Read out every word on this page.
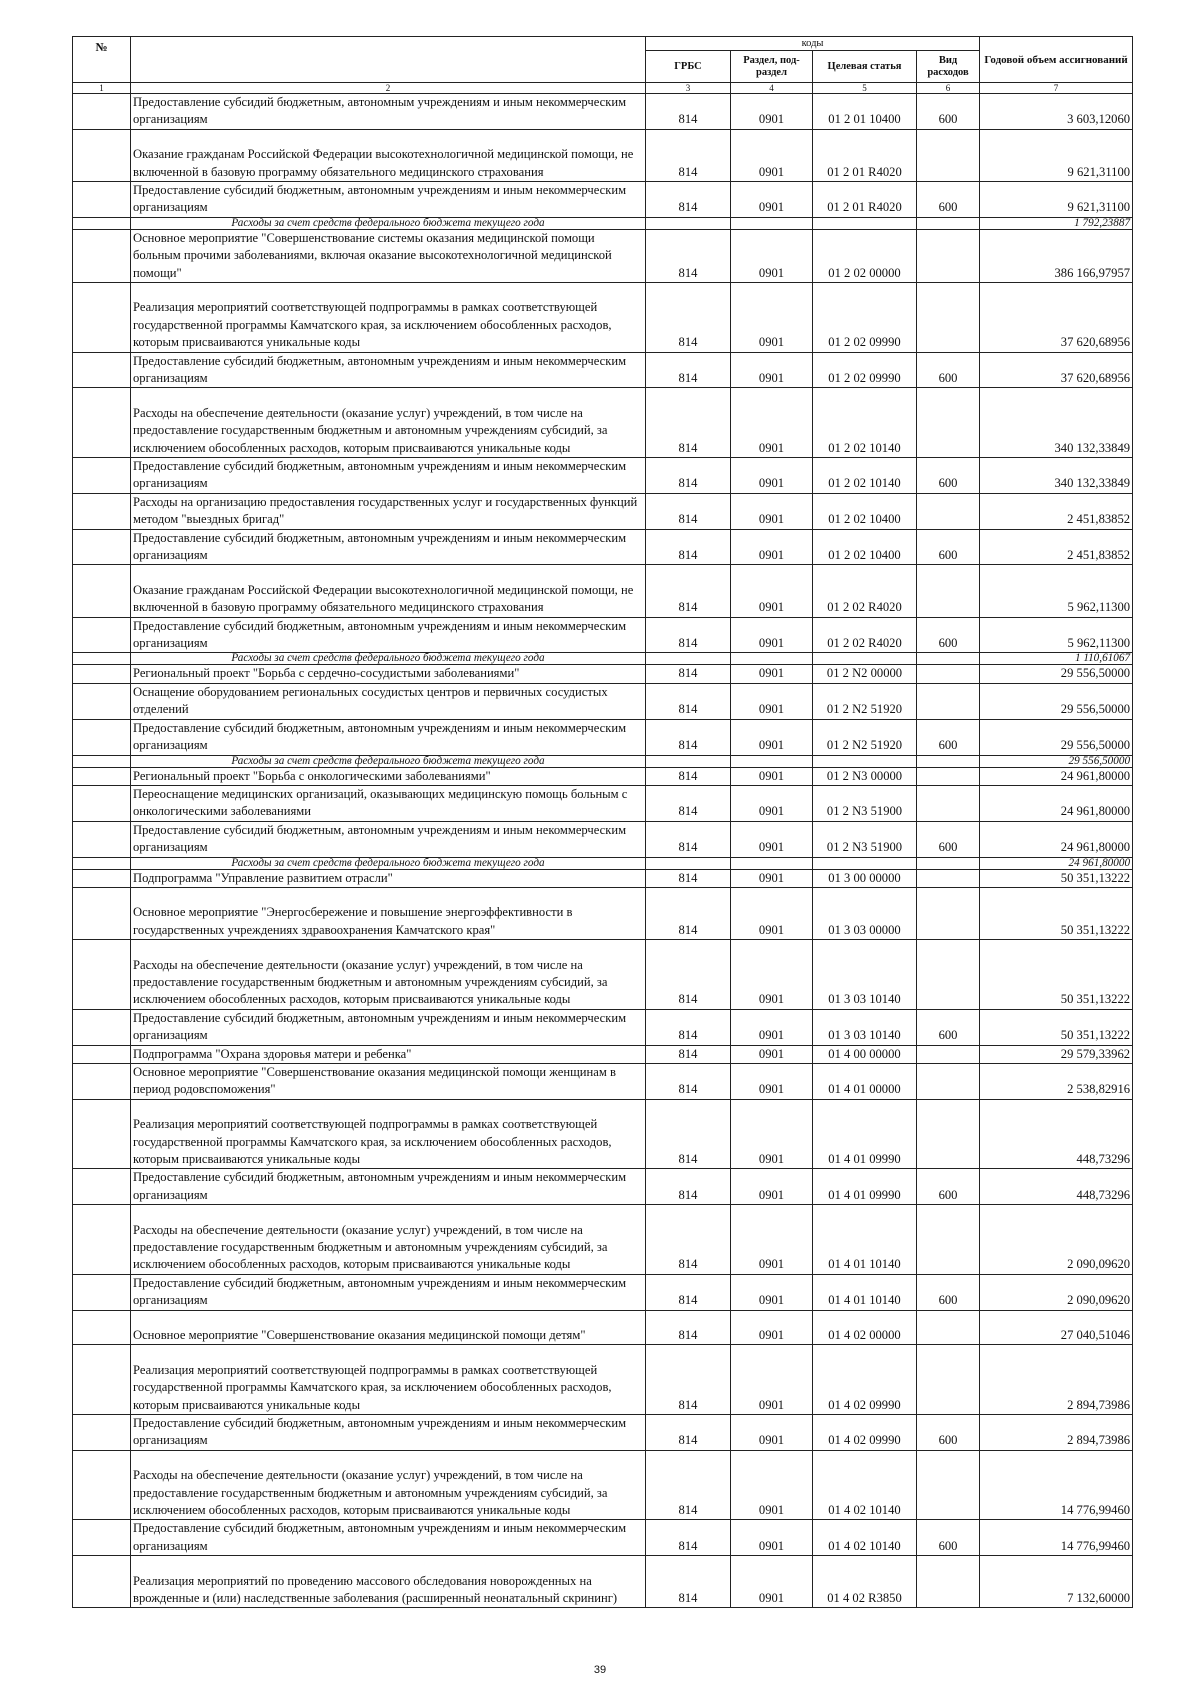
№		коды				Годовой объем ассигнований
		ГРБС	Раздел, под-раздел	Целевая статья	Вид расходов	
1	2	3	4	5	6	7
	Предоставление субсидий бюджетным, автономным учреждениям и иным некоммерческим организациям	814	0901	01 2 01 10400	600	3 603,12060
	Оказание гражданам Российской Федерации высокотехнологичной медицинской помощи, не включенной в базовую программу обязательного медицинского страхования	814	0901	01 2 01 R4020		9 621,31100
	Предоставление субсидий бюджетным, автономным учреждениям и иным некоммерческим организациям	814	0901	01 2 01 R4020	600	9 621,31100
	Расходы за счет средств федерального бюджета текущего года					1 792,23887
	Основное мероприятие "Совершенствование системы оказания медицинской помощи больным прочими заболеваниями, включая оказание высокотехнологичной медицинской помощи"	814	0901	01 2 02 00000		386 166,97957
	Реализация мероприятий соответствующей подпрограммы в рамках соответствующей государственной программы Камчатского края, за исключением обособленных расходов, которым присваиваются уникальные коды	814	0901	01 2 02 09990		37 620,68956
	Предоставление субсидий бюджетным, автономным учреждениям и иным некоммерческим организациям	814	0901	01 2 02 09990	600	37 620,68956
	Расходы на обеспечение деятельности (оказание услуг) учреждений, в том числе на предоставление государственным бюджетным и автономным учреждениям субсидий, за исключением обособленных расходов, которым присваиваются уникальные коды	814	0901	01 2 02 10140		340 132,33849
	Предоставление субсидий бюджетным, автономным учреждениям и иным некоммерческим организациям	814	0901	01 2 02 10140	600	340 132,33849
	Расходы на организацию предоставления государственных услуг и государственных функций методом "выездных бригад"	814	0901	01 2 02 10400		2 451,83852
	Предоставление субсидий бюджетным, автономным учреждениям и иным некоммерческим организациям	814	0901	01 2 02 10400	600	2 451,83852
	Оказание гражданам Российской Федерации высокотехнологичной медицинской помощи, не включенной в базовую программу обязательного медицинского страхования	814	0901	01 2 02 R4020		5 962,11300
	Предоставление субсидий бюджетным, автономным учреждениям и иным некоммерческим организациям	814	0901	01 2 02 R4020	600	5 962,11300
	Расходы за счет средств федерального бюджета текущего года					1 110,61067
	Региональный проект "Борьба с сердечно-сосудистыми заболеваниями"	814	0901	01 2 N2 00000		29 556,50000
	Оснащение оборудованием региональных сосудистых центров и первичных сосудистых отделений	814	0901	01 2 N2 51920		29 556,50000
	Предоставление субсидий бюджетным, автономным учреждениям и иным некоммерческим организациям	814	0901	01 2 N2 51920	600	29 556,50000
	Расходы за счет средств федерального бюджета текущего года					29 556,50000
	Региональный проект "Борьба с онкологическими заболеваниями"	814	0901	01 2 N3 00000		24 961,80000
	Переоснащение медицинских организаций, оказывающих медицинскую помощь больным с онкологическими заболеваниями	814	0901	01 2 N3 51900		24 961,80000
	Предоставление субсидий бюджетным, автономным учреждениям и иным некоммерческим организациям	814	0901	01 2 N3 51900	600	24 961,80000
	Расходы за счет средств федерального бюджета текущего года					24 961,80000
	Подпрограмма "Управление развитием отрасли"	814	0901	01 3 00 00000		50 351,13222
	Основное мероприятие "Энергосбережение и повышение энергоэффективности в государственных учреждениях здравоохранения Камчатского края"	814	0901	01 3 03 00000		50 351,13222
	Расходы на обеспечение деятельности (оказание услуг) учреждений, в том числе на предоставление государственным бюджетным и автономным учреждениям субсидий, за исключением обособленных расходов, которым присваиваются уникальные коды	814	0901	01 3 03 10140		50 351,13222
	Предоставление субсидий бюджетным, автономным учреждениям и иным некоммерческим организациям	814	0901	01 3 03 10140	600	50 351,13222
	Подпрограмма "Охрана здоровья матери и ребенка"	814	0901	01 4 00 00000		29 579,33962
	Основное мероприятие "Совершенствование оказания медицинской помощи женщинам в период родовспоможения"	814	0901	01 4 01 00000		2 538,82916
	Реализация мероприятий соответствующей подпрограммы в рамках соответствующей государственной программы Камчатского края, за исключением обособленных расходов, которым присваиваются уникальные коды	814	0901	01 4 01 09990		448,73296
	Предоставление субсидий бюджетным, автономным учреждениям и иным некоммерческим организациям	814	0901	01 4 01 09990	600	448,73296
	Расходы на обеспечение деятельности (оказание услуг) учреждений, в том числе на предоставление государственным бюджетным и автономным учреждениям субсидий, за исключением обособленных расходов, которым присваиваются уникальные коды	814	0901	01 4 01 10140		2 090,09620
	Предоставление субсидий бюджетным, автономным учреждениям и иным некоммерческим организациям	814	0901	01 4 01 10140	600	2 090,09620
	Основное мероприятие "Совершенствование оказания медицинской помощи детям"	814	0901	01 4 02 00000		27 040,51046
	Реализация мероприятий соответствующей подпрограммы в рамках соответствующей государственной программы Камчатского края, за исключением обособленных расходов, которым присваиваются уникальные коды	814	0901	01 4 02 09990		2 894,73986
	Предоставление субсидий бюджетным, автономным учреждениям и иным некоммерческим организациям	814	0901	01 4 02 09990	600	2 894,73986
	Расходы на обеспечение деятельности (оказание услуг) учреждений, в том числе на предоставление государственным бюджетным и автономным учреждениям субсидий, за исключением обособленных расходов, которым присваиваются уникальные коды	814	0901	01 4 02 10140		14 776,99460
	Предоставление субсидий бюджетным, автономным учреждениям и иным некоммерческим организациям	814	0901	01 4 02 10140	600	14 776,99460
	Реализация мероприятий по проведению массового обследования новорожденных на врожденные и (или) наследственные заболевания (расширенный неонатальный скрининг)	814	0901	01 4 02 R3850		7 132,60000
39
